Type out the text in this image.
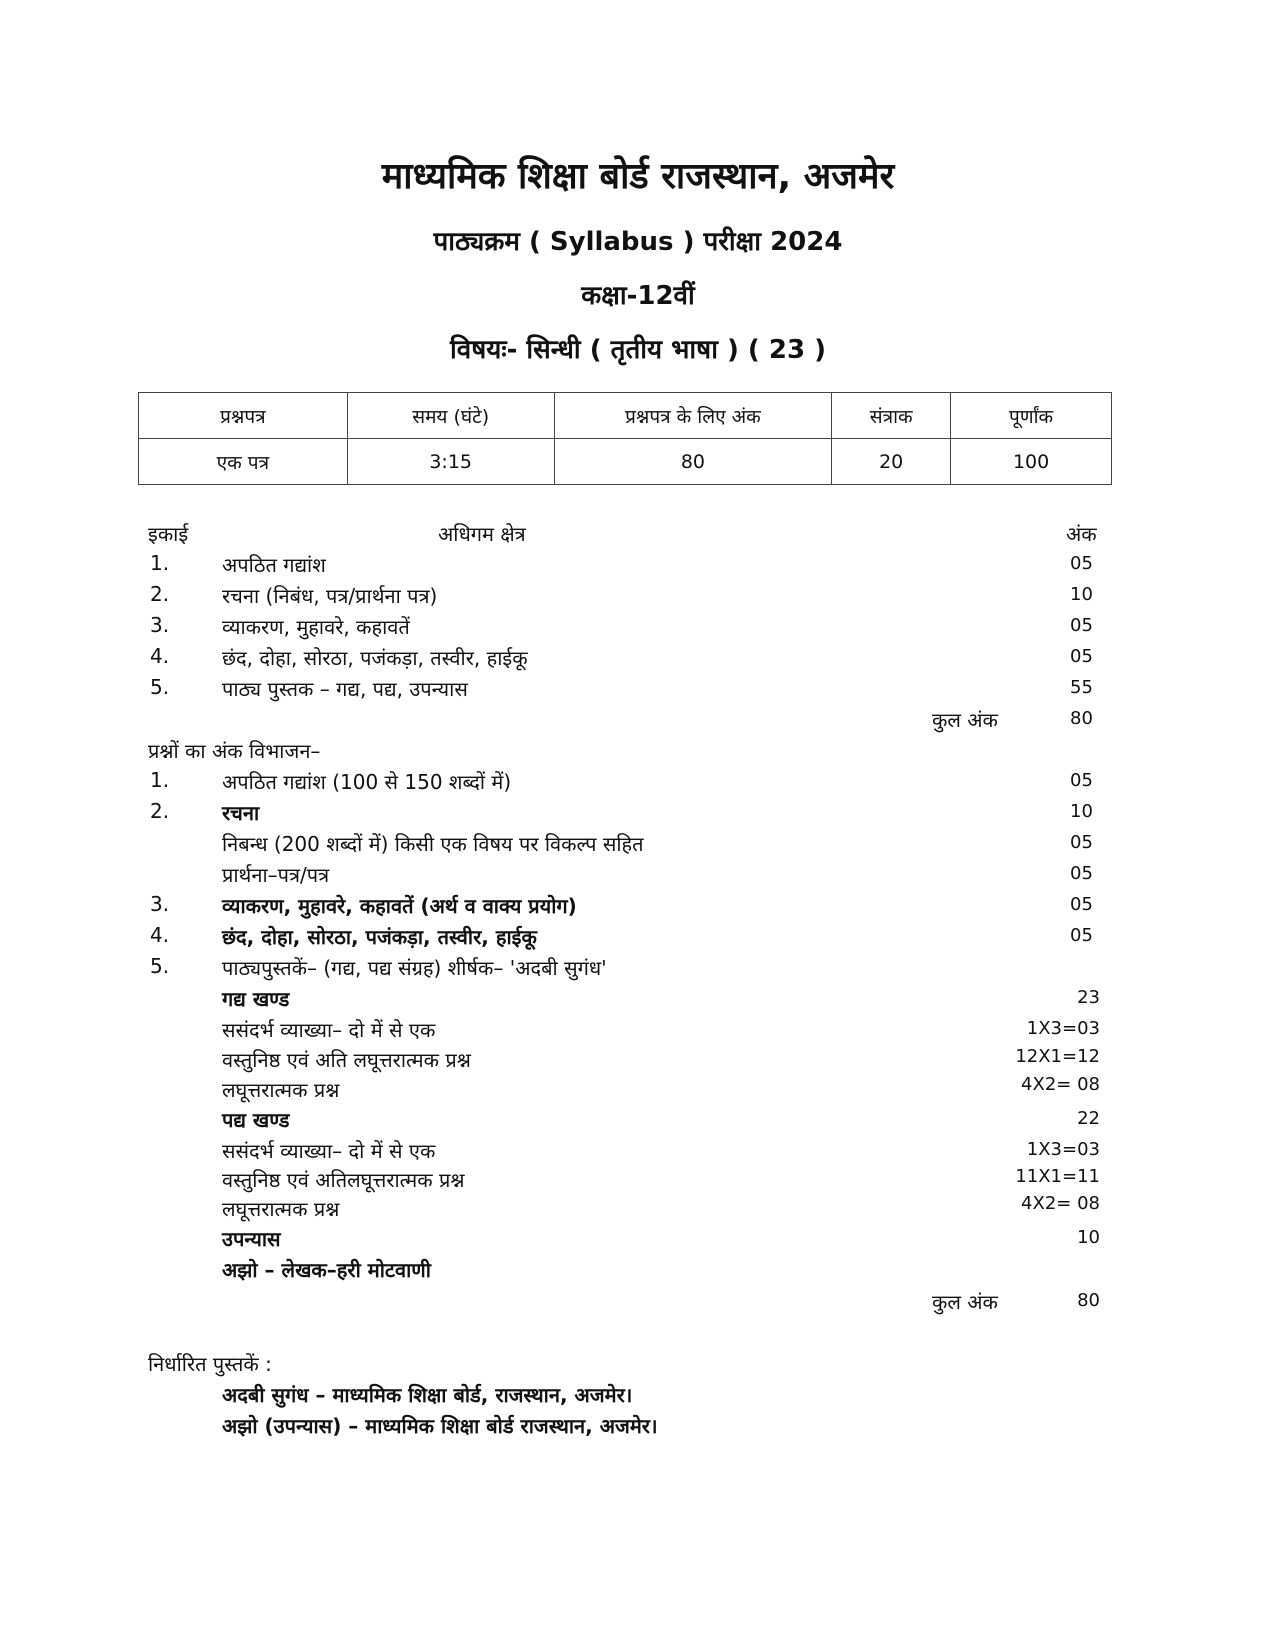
माध्यमिक शिक्षा बोर्ड राजस्थान, अजमेर
पाठ्यक्रम ( Syllabus ) परीक्षा 2024
कक्षा-12वीं
विषयः- सिन्धी ( तृतीय भाषा ) ( 23 )
प्रश्नपत्र	समय (घंटे)	प्रश्नपत्र के लिए अंक	संत्राक	पूर्णांक
एक पत्र	3:15	80	20	100
इकाई	अधिगम क्षेत्र	अंक
1.	अपठित गद्यांश	05
2.	रचना (निबंध, पत्र/प्रार्थना पत्र)	10
3.	व्याकरण, मुहावरे, कहावतें	05
4.	छंद, दोहा, सोरठा, पजंकड़ा, तस्वीर, हाईकू	05
5.	पाठ्य पुस्तक – गद्य, पद्य, उपन्यास	55
कुल अंक	80
प्रश्नों का अंक विभाजन–
1.	अपठित गद्यांश (100 से 150 शब्दों में)	05
2.	रचना	10
निबन्ध (200 शब्दों में) किसी एक विषय पर विकल्प सहित	05
प्रार्थना–पत्र/पत्र	05
3.	व्याकरण, मुहावरे, कहावतें (अर्थ व वाक्य प्रयोग)	05
4.	छंद, दोहा, सोरठा, पजंकड़ा, तस्वीर, हाईकू	05
5.	पाठ्यपुस्तकें– (गद्य, पद्य संग्रह) शीर्षक– 'अदबी सुगंध'
गद्य खण्ड	23
ससंदर्भ व्याख्या– दो में से एक	1X3=03
वस्तुनिष्ठ एवं अति लघूत्तरात्मक प्रश्न	12X1=12
लघूत्तरात्मक प्रश्न	4X2= 08
पद्य खण्ड	22
ससंदर्भ व्याख्या– दो में से एक	1X3=03
वस्तुनिष्ठ एवं अतिलघूत्तरात्मक प्रश्न	11X1=11
लघूत्तरात्मक प्रश्न	4X2= 08
उपन्यास	10
अझो – लेखक–हरी मोटवाणी
कुल अंक	80
निर्धारित पुस्तकें :
अदबी सुगंध – माध्यमिक शिक्षा बोर्ड, राजस्थान, अजमेर।
अझो (उपन्यास) – माध्यमिक शिक्षा बोर्ड राजस्थान, अजमेर।
